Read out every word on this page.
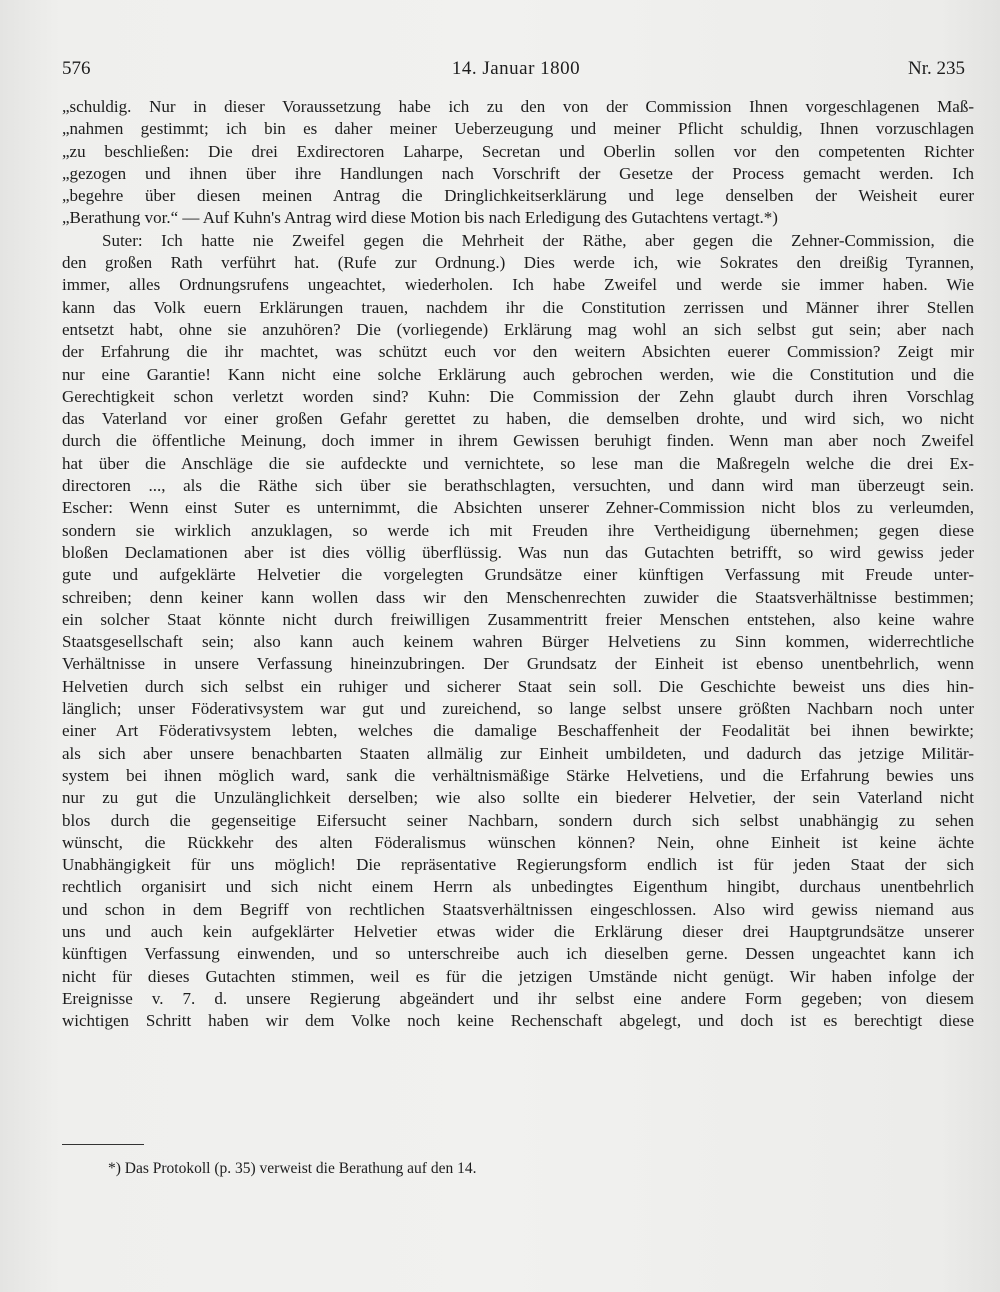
576	14. Januar 1800	Nr. 235

„schuldig. Nur in dieser Voraussetzung habe ich zu den von der Commission Ihnen vorgeschlagenen Maß-

„nahmen gestimmt; ich bin es daher meiner Ueberzeugung und meiner Pflicht schuldig, Ihnen vorzuschlagen

„zu beschließen: Die drei Exdirectoren Laharpe, Secretan und Oberlin sollen vor den competenten Richter

„gezogen und ihnen über ihre Handlungen nach Vorschrift der Gesetze der Process gemacht werden. Ich

„begehre über diesen meinen Antrag die Dringlichkeitserklärung und lege denselben der Weisheit eurer

„Berathung vor.“ — Auf Kuhn's Antrag wird diese Motion bis nach Erledigung des Gutachtens vertagt.*)

Suter: Ich hatte nie Zweifel gegen die Mehrheit der Räthe, aber gegen die Zehner-Commission, die

den großen Rath verführt hat. (Rufe zur Ordnung.) Dies werde ich, wie Sokrates den dreißig Tyrannen,

immer, alles Ordnungsrufens ungeachtet, wiederholen. Ich habe Zweifel und werde sie immer haben. Wie

kann das Volk euern Erklärungen trauen, nachdem ihr die Constitution zerrissen und Männer ihrer Stellen

entsetzt habt, ohne sie anzuhören? Die (vorliegende) Erklärung mag wohl an sich selbst gut sein; aber nach

der Erfahrung die ihr machtet, was schützt euch vor den weitern Absichten euerer Commission? Zeigt mir

nur eine Garantie! Kann nicht eine solche Erklärung auch gebrochen werden, wie die Constitution und die

Gerechtigkeit schon verletzt worden sind? Kuhn: Die Commission der Zehn glaubt durch ihren Vorschlag

das Vaterland vor einer großen Gefahr gerettet zu haben, die demselben drohte, und wird sich, wo nicht

durch die öffentliche Meinung, doch immer in ihrem Gewissen beruhigt finden. Wenn man aber noch Zweifel

hat über die Anschläge die sie aufdeckte und vernichtete, so lese man die Maßregeln welche die drei Ex-

directoren ..., als die Räthe sich über sie berathschlagten, versuchten, und dann wird man überzeugt sein.

Escher: Wenn einst Suter es unternimmt, die Absichten unserer Zehner-Commission nicht blos zu verleumden,

sondern sie wirklich anzuklagen, so werde ich mit Freuden ihre Vertheidigung übernehmen; gegen diese

bloßen Declamationen aber ist dies völlig überflüssig. Was nun das Gutachten betrifft, so wird gewiss jeder

gute und aufgeklärte Helvetier die vorgelegten Grundsätze einer künftigen Verfassung mit Freude unter-

schreiben; denn keiner kann wollen dass wir den Menschenrechten zuwider die Staatsverhältnisse bestimmen;

ein solcher Staat könnte nicht durch freiwilligen Zusammentritt freier Menschen entstehen, also keine wahre

Staatsgesellschaft sein; also kann auch keinem wahren Bürger Helvetiens zu Sinn kommen, widerrechtliche

Verhältnisse in unsere Verfassung hineinzubringen. Der Grundsatz der Einheit ist ebenso unentbehrlich, wenn

Helvetien durch sich selbst ein ruhiger und sicherer Staat sein soll. Die Geschichte beweist uns dies hin-

länglich; unser Föderativsystem war gut und zureichend, so lange selbst unsere größten Nachbarn noch unter

einer Art Föderativsystem lebten, welches die damalige Beschaffenheit der Feodalität bei ihnen bewirkte;

als sich aber unsere benachbarten Staaten allmälig zur Einheit umbildeten, und dadurch das jetzige Militär-

system bei ihnen möglich ward, sank die verhältnismäßige Stärke Helvetiens, und die Erfahrung bewies uns

nur zu gut die Unzulänglichkeit derselben; wie also sollte ein biederer Helvetier, der sein Vaterland nicht

blos durch die gegenseitige Eifersucht seiner Nachbarn, sondern durch sich selbst unabhängig zu sehen

wünscht, die Rückkehr des alten Föderalismus wünschen können? Nein, ohne Einheit ist keine ächte

Unabhängigkeit für uns möglich! Die repräsentative Regierungsform endlich ist für jeden Staat der sich

rechtlich organisirt und sich nicht einem Herrn als unbedingtes Eigenthum hingibt, durchaus unentbehrlich

und schon in dem Begriff von rechtlichen Staatsverhältnissen eingeschlossen. Also wird gewiss niemand aus

uns und auch kein aufgeklärter Helvetier etwas wider die Erklärung dieser drei Hauptgrundsätze unserer

künftigen Verfassung einwenden, und so unterschreibe auch ich dieselben gerne. Dessen ungeachtet kann ich

nicht für dieses Gutachten stimmen, weil es für die jetzigen Umstände nicht genügt. Wir haben infolge der

Ereignisse v. 7. d. unsere Regierung abgeändert und ihr selbst eine andere Form gegeben; von diesem

wichtigen Schritt haben wir dem Volke noch keine Rechenschaft abgelegt, und doch ist es berechtigt diese

*) Das Protokoll (p. 35) verweist die Berathung auf den 14.
